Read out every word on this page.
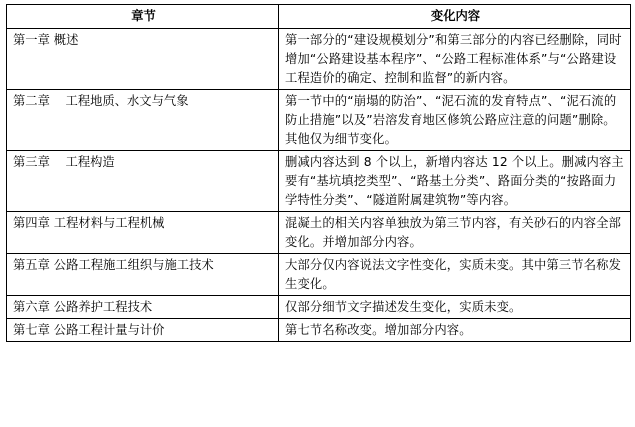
章节	变化内容
第一章 概述	第一部分的“建设规模划分”和第三部分的内容已经删除，同时增加“公路建设基本程序”、“公路工程标准体系”与“公路建设工程造价的确定、控制和监督”的新内容。
第二章    工程地质、水文与气象	第一节中的“崩塌的防治”、“泥石流的发育特点”、“泥石流的防止措施”以及”岩溶发育地区修筑公路应注意的问题”删除。其他仅为细节变化。
第三章    工程构造	删减内容达到 8 个以上，新增内容达 12 个以上。删减内容主要有“基坑填挖类型”、“路基土分类”、路面分类的“按路面力学特性分类”、“隧道附属建筑物”等内容。
第四章 工程材料与工程机械	混凝土的相关内容单独放为第三节内容，有关砂石的内容全部变化。并增加部分内容。
第五章 公路工程施工组织与施工技术	大部分仅内容说法文字性变化，实质未变。其中第三节名称发生变化。
第六章 公路养护工程技术	仅部分细节文字描述发生变化，实质未变。
第七章 公路工程计量与计价	第七节名称改变。增加部分内容。
